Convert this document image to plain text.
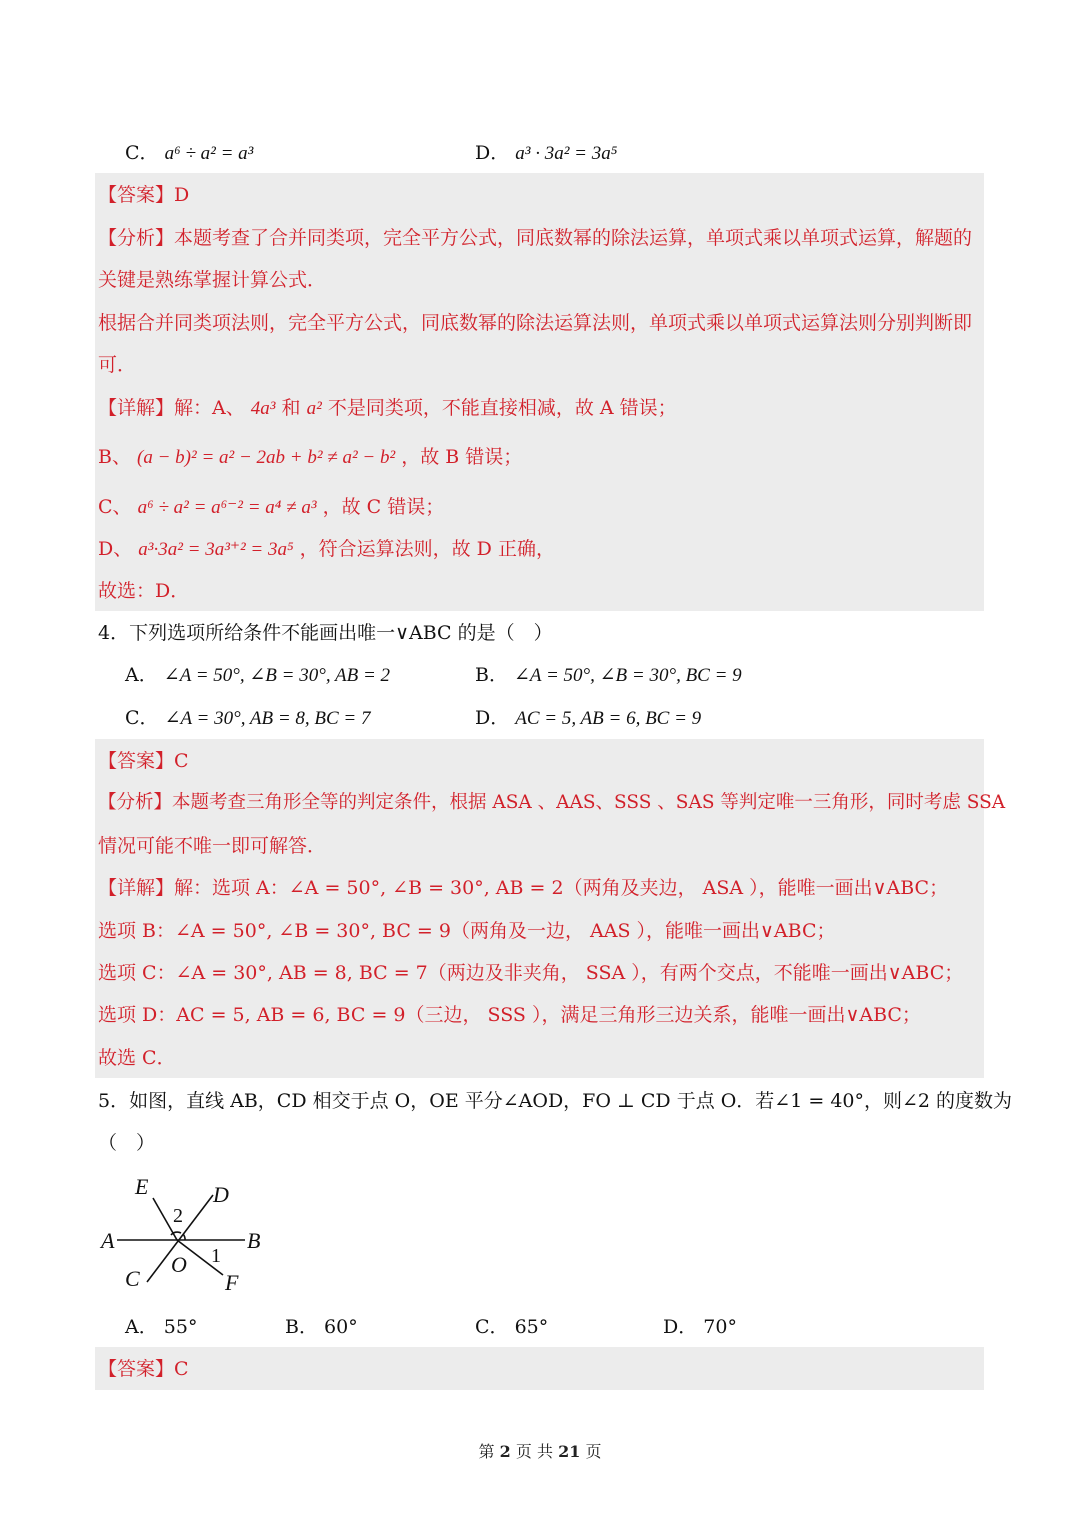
C． a⁶ ÷ a² = a³	D． a³ · 3a² = 3a⁵
【答案】D
【分析】本题考查了合并同类项，完全平方公式，同底数幂的除法运算，单项式乘以单项式运算，解题的
关键是熟练掌握计算公式．
根据合并同类项法则，完全平方公式，同底数幂的除法运算法则，单项式乘以单项式运算法则分别判断即
可．
【详解】解：A、 4a³ 和 a² 不是同类项，不能直接相减，故 A 错误；
B、 (a − b)² = a² − 2ab + b² ≠ a² − b² ，故 B 错误；
C、 a⁶ ÷ a² = a⁶⁻² = a⁴ ≠ a³ ，故 C 错误；
D、 a³·3a² = 3a³⁺² = 3a⁵ ，符合运算法则，故 D 正确，
故选：D．
4．下列选项所给条件不能画出唯一∨ABC 的是（　）
A． ∠A = 50°, ∠B = 30°, AB = 2	B． ∠A = 50°, ∠B = 30°, BC = 9
C． ∠A = 30°, AB = 8, BC = 7	D． AC = 5, AB = 6, BC = 9
【答案】C
【分析】本题考查三角形全等的判定条件，根据 ASA 、AAS、SSS 、SAS 等判定唯一三角形，同时考虑 SSA
情况可能不唯一即可解答．
【详解】解：选项 A：∠A = 50°, ∠B = 30°, AB = 2（两角及夹边， ASA ），能唯一画出∨ABC；
选项 B：∠A = 50°, ∠B = 30°, BC = 9（两角及一边， AAS ），能唯一画出∨ABC；
选项 C：∠A = 30°, AB = 8, BC = 7（两边及非夹角， SSA ），有两个交点，不能唯一画出∨ABC；
选项 D：AC = 5, AB = 6, BC = 9（三边， SSS ），满足三角形三边关系，能唯一画出∨ABC；
故选 C．
5．如图，直线 AB，CD 相交于点 O，OE 平分∠AOD，FO ⊥ CD 于点 O．若∠1 = 40°，则∠2 的度数为
（　）
E	D
A	B
C	F
O
2
1
A． 55°	B． 60°	C． 65°	D． 70°
【答案】C
第 2 页 共 21 页
